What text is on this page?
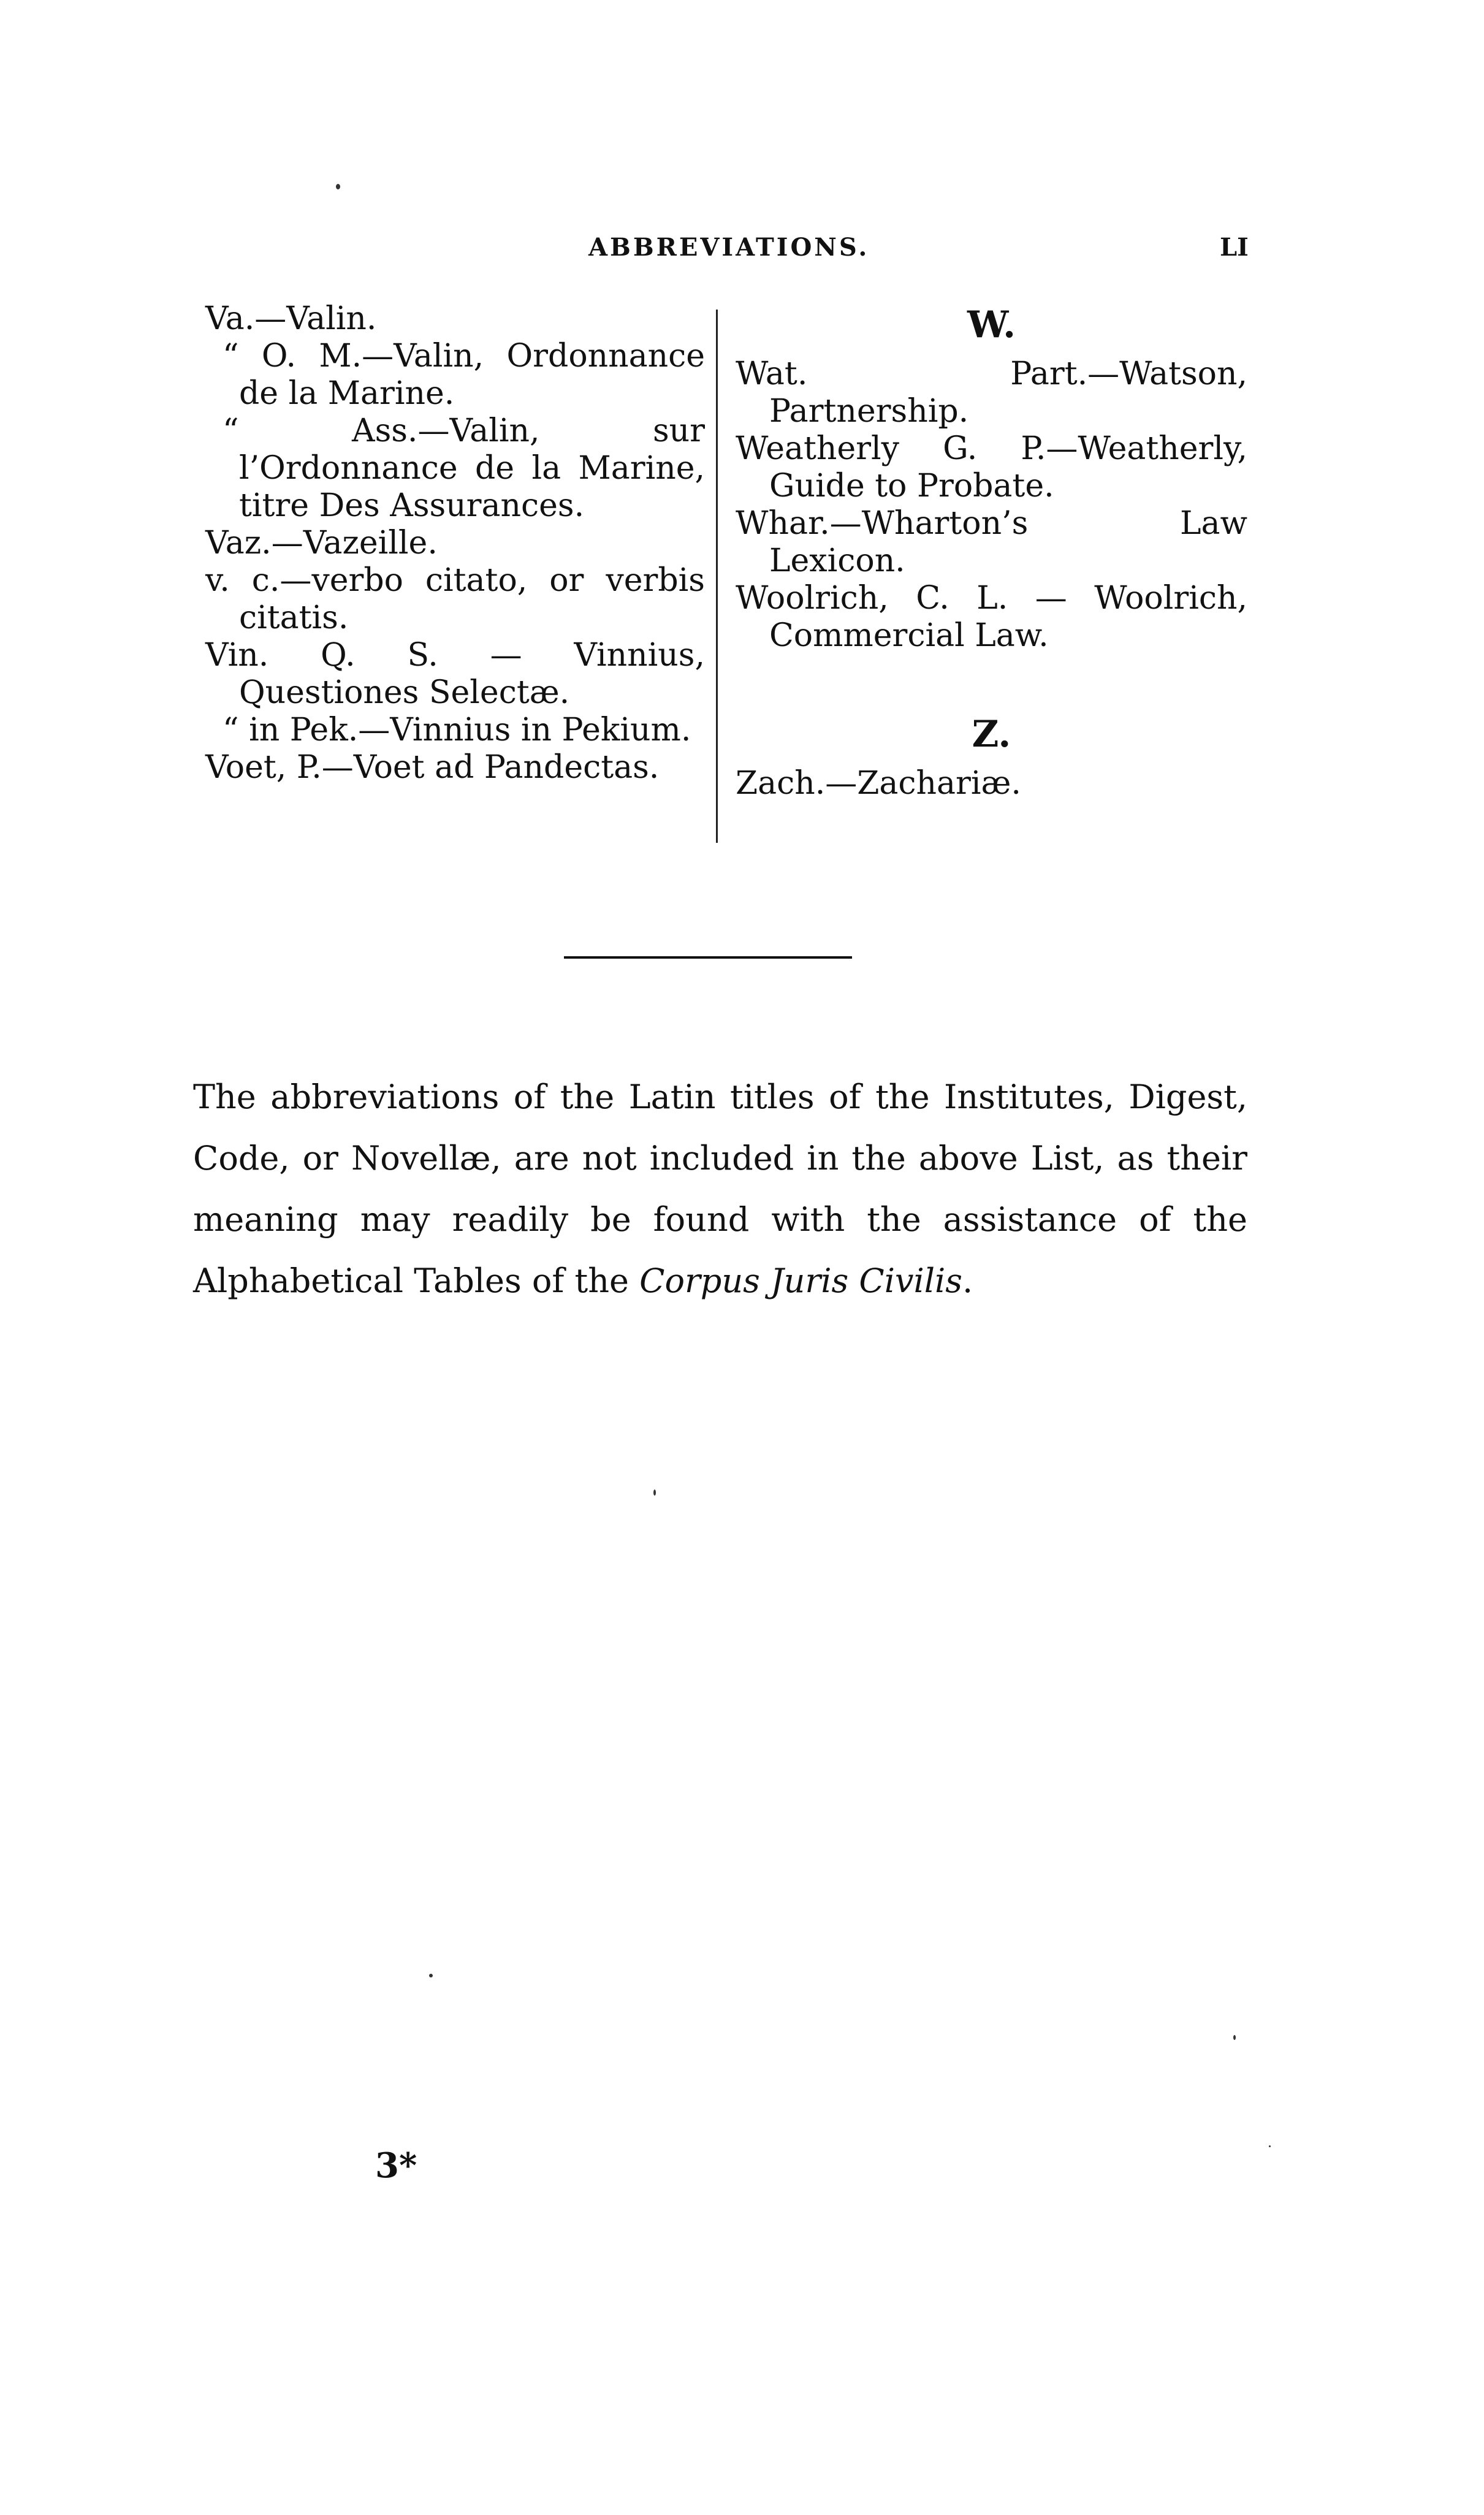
ABBREVIATIONS.	LI

Va.—Valin.

“ O. M.—Valin, Ordonnance de la Marine.

“ Ass.—Valin, sur l’Ordonnance de la Marine, titre Des Assurances.

Vaz.—Vazeille.

v. c.—verbo citato, or verbis citatis.

Vin. Q. S. — Vinnius, Questiones Selectæ.

“ in Pek.—Vinnius in Pekium.

Voet, P.—Voet ad Pandectas.

W.

Wat. Part.—Watson, Partnership.

Weatherly G. P.—Weatherly, Guide to Probate.

Whar.—Wharton’s Law Lexicon.

Woolrich, C. L. — Woolrich, Commercial Law.

Z.

Zach.—Zachariæ.

The abbreviations of the Latin titles of the Institutes, Digest, Code, or Novellæ, are not included in the above List, as their meaning may readily be found with the assistance of the Alphabetical Tables of the Corpus Juris Civilis.

3*
